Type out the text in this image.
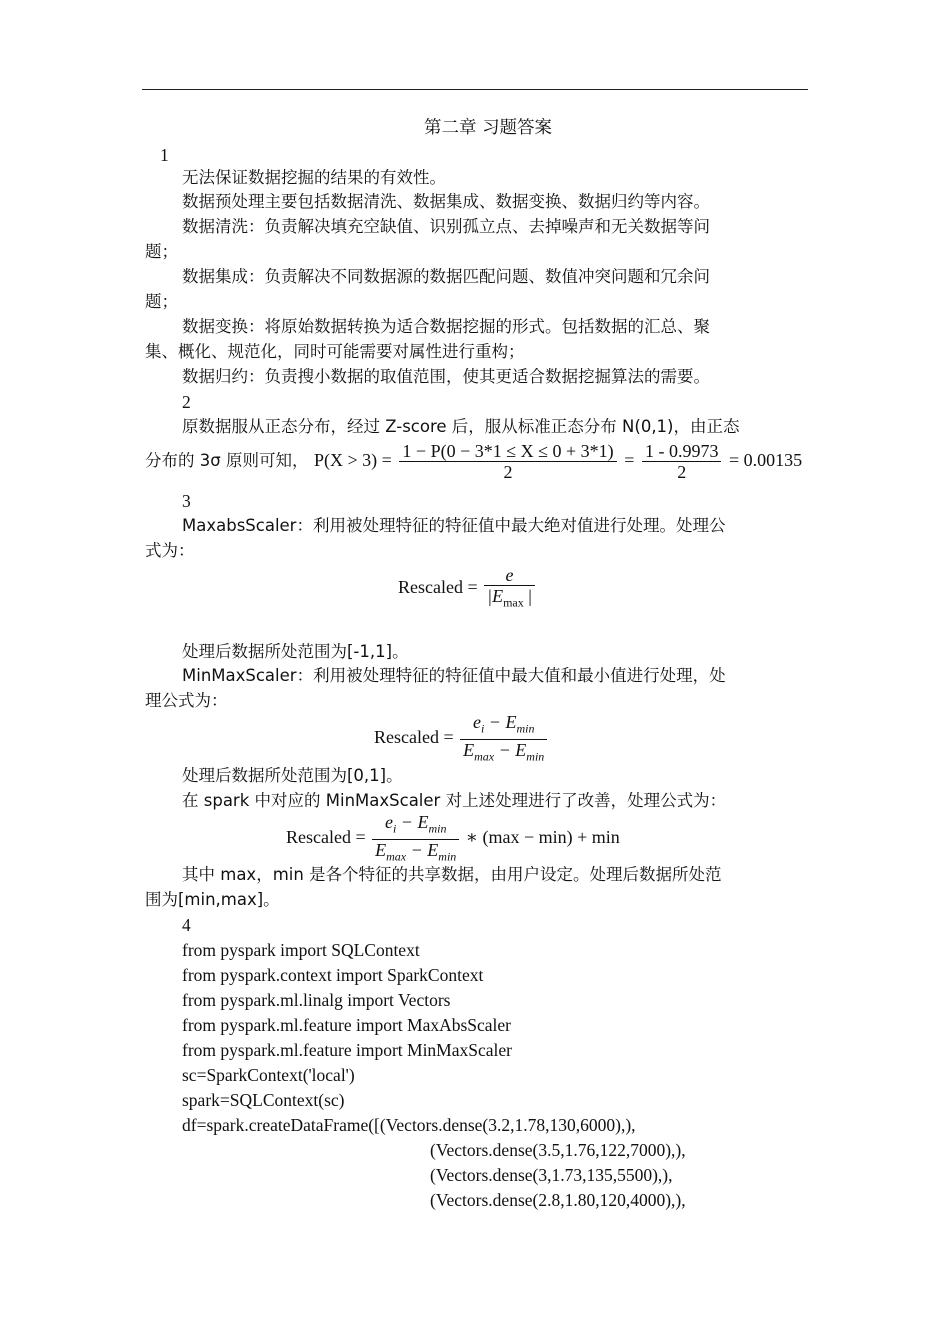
第二章 习题答案
1
无法保证数据挖掘的结果的有效性。
数据预处理主要包括数据清洗、数据集成、数据变换、数据归约等内容。
数据清洗：负责解决填充空缺值、识别孤立点、去掉噪声和无关数据等问
题；
数据集成：负责解决不同数据源的数据匹配问题、数值冲突问题和冗余问
题；
数据变换：将原始数据转换为适合数据挖掘的形式。包括数据的汇总、聚
集、概化、规范化，同时可能需要对属性进行重构；
数据归约：负责搜小数据的取值范围，使其更适合数据挖掘算法的需要。
2
原数据服从正态分布，经过 Z-score 后，服从标准正态分布 N(0,1)，由正态
分布的 3σ 原则可知， $P(X > 3) = \frac{1 - P(0 - 3*1 \le X \le 0 + 3*1)}{2} = \frac{1 - 0.9973}{2} = 0.00135$
3
MaxabsScaler：利用被处理特征的特征值中最大绝对值进行处理。处理公
式为：
Rescaled = $\frac{e}{|E_{max} |}$
处理后数据所处范围为[-1,1]。
MinMaxScaler：利用被处理特征的特征值中最大值和最小值进行处理，处
理公式为：
Rescaled = $\frac{e_i - E_{min}}{E_{max} - E_{min}}$
处理后数据所处范围为[0,1]。
在 spark 中对应的 MinMaxScaler 对上述处理进行了改善，处理公式为：
Rescaled = $\frac{e_i - E_{min}}{E_{max} - E_{min}}$ ∗ (max − min) + min
其中 max，min 是各个特征的共享数据，由用户设定。处理后数据所处范
围为[min,max]。
4
from pyspark import SQLContext
from pyspark.context import SparkContext
from pyspark.ml.linalg import Vectors
from pyspark.ml.feature import MaxAbsScaler
from pyspark.ml.feature import MinMaxScaler
sc=SparkContext('local')
spark=SQLContext(sc)
df=spark.createDataFrame([(Vectors.dense(3.2,1.78,130,6000),),
(Vectors.dense(3.5,1.76,122,7000),),
(Vectors.dense(3,1.73,135,5500),),
(Vectors.dense(2.8,1.80,120,4000),),
